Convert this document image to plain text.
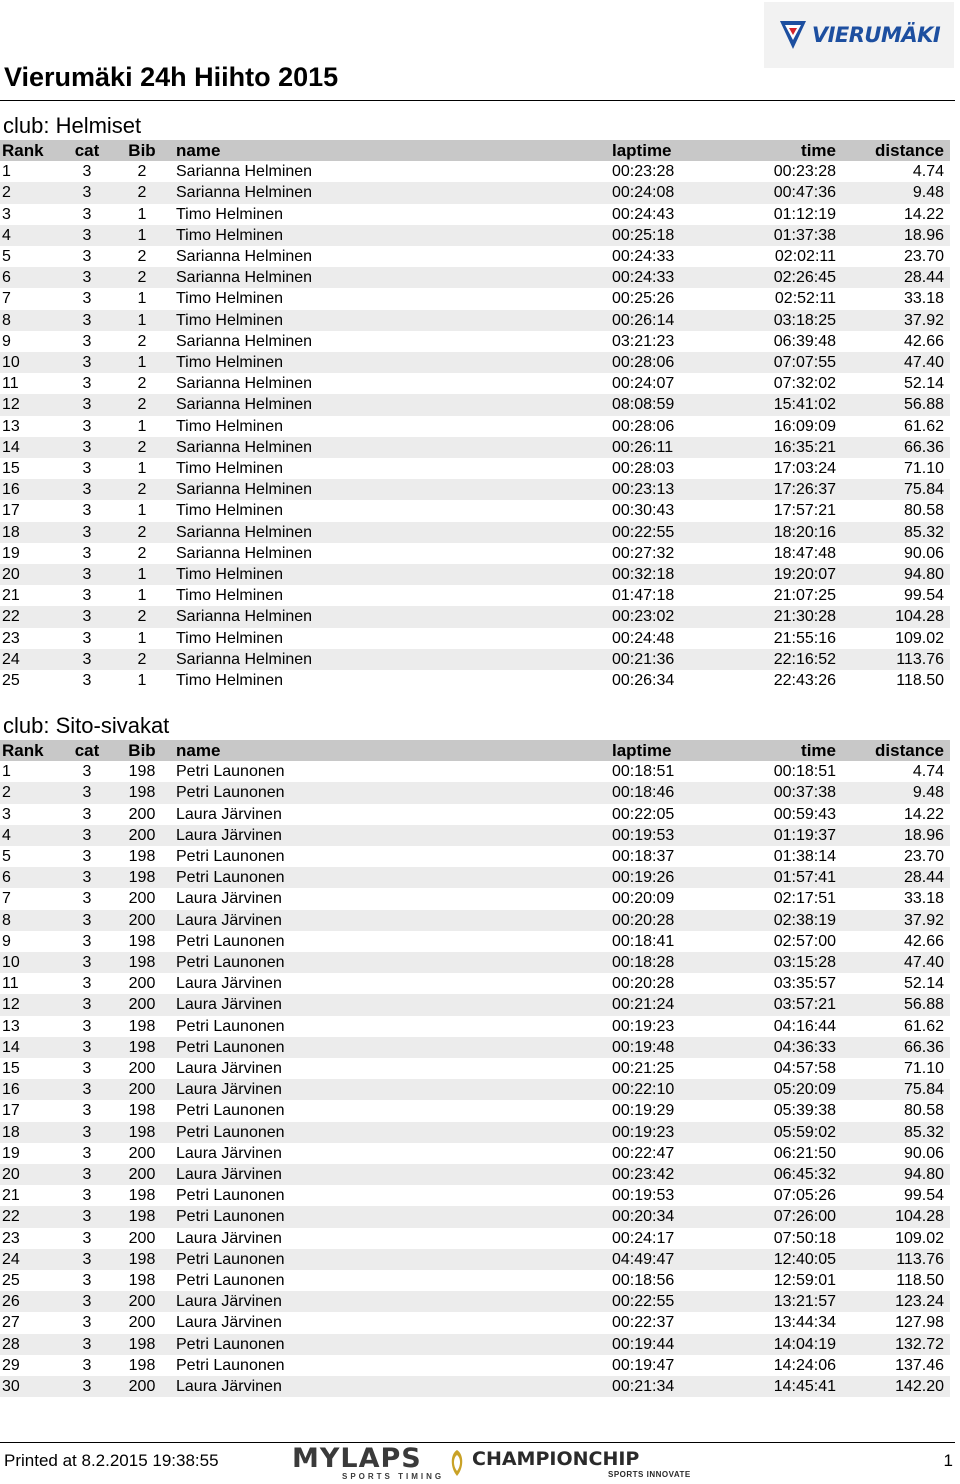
VIERUMÄKI
Vierumäki 24h Hiihto 2015
club: Helmiset
Rank	cat	Bib	name	laptime	time	distance
1	3	2	Sarianna Helminen	00:23:28	00:23:28	4.74
2	3	2	Sarianna Helminen	00:24:08	00:47:36	9.48
3	3	1	Timo Helminen	00:24:43	01:12:19	14.22
4	3	1	Timo Helminen	00:25:18	01:37:38	18.96
5	3	2	Sarianna Helminen	00:24:33	02:02:11	23.70
6	3	2	Sarianna Helminen	00:24:33	02:26:45	28.44
7	3	1	Timo Helminen	00:25:26	02:52:11	33.18
8	3	1	Timo Helminen	00:26:14	03:18:25	37.92
9	3	2	Sarianna Helminen	03:21:23	06:39:48	42.66
10	3	1	Timo Helminen	00:28:06	07:07:55	47.40
11	3	2	Sarianna Helminen	00:24:07	07:32:02	52.14
12	3	2	Sarianna Helminen	08:08:59	15:41:02	56.88
13	3	1	Timo Helminen	00:28:06	16:09:09	61.62
14	3	2	Sarianna Helminen	00:26:11	16:35:21	66.36
15	3	1	Timo Helminen	00:28:03	17:03:24	71.10
16	3	2	Sarianna Helminen	00:23:13	17:26:37	75.84
17	3	1	Timo Helminen	00:30:43	17:57:21	80.58
18	3	2	Sarianna Helminen	00:22:55	18:20:16	85.32
19	3	2	Sarianna Helminen	00:27:32	18:47:48	90.06
20	3	1	Timo Helminen	00:32:18	19:20:07	94.80
21	3	1	Timo Helminen	01:47:18	21:07:25	99.54
22	3	2	Sarianna Helminen	00:23:02	21:30:28	104.28
23	3	1	Timo Helminen	00:24:48	21:55:16	109.02
24	3	2	Sarianna Helminen	00:21:36	22:16:52	113.76
25	3	1	Timo Helminen	00:26:34	22:43:26	118.50
club: Sito-sivakat
Rank	cat	Bib	name	laptime	time	distance
1	3	198	Petri Launonen	00:18:51	00:18:51	4.74
2	3	198	Petri Launonen	00:18:46	00:37:38	9.48
3	3	200	Laura Järvinen	00:22:05	00:59:43	14.22
4	3	200	Laura Järvinen	00:19:53	01:19:37	18.96
5	3	198	Petri Launonen	00:18:37	01:38:14	23.70
6	3	198	Petri Launonen	00:19:26	01:57:41	28.44
7	3	200	Laura Järvinen	00:20:09	02:17:51	33.18
8	3	200	Laura Järvinen	00:20:28	02:38:19	37.92
9	3	198	Petri Launonen	00:18:41	02:57:00	42.66
10	3	198	Petri Launonen	00:18:28	03:15:28	47.40
11	3	200	Laura Järvinen	00:20:28	03:35:57	52.14
12	3	200	Laura Järvinen	00:21:24	03:57:21	56.88
13	3	198	Petri Launonen	00:19:23	04:16:44	61.62
14	3	198	Petri Launonen	00:19:48	04:36:33	66.36
15	3	200	Laura Järvinen	00:21:25	04:57:58	71.10
16	3	200	Laura Järvinen	00:22:10	05:20:09	75.84
17	3	198	Petri Launonen	00:19:29	05:39:38	80.58
18	3	198	Petri Launonen	00:19:23	05:59:02	85.32
19	3	200	Laura Järvinen	00:22:47	06:21:50	90.06
20	3	200	Laura Järvinen	00:23:42	06:45:32	94.80
21	3	198	Petri Launonen	00:19:53	07:05:26	99.54
22	3	198	Petri Launonen	00:20:34	07:26:00	104.28
23	3	200	Laura Järvinen	00:24:17	07:50:18	109.02
24	3	198	Petri Launonen	04:49:47	12:40:05	113.76
25	3	198	Petri Launonen	00:18:56	12:59:01	118.50
26	3	200	Laura Järvinen	00:22:55	13:21:57	123.24
27	3	200	Laura Järvinen	00:22:37	13:44:34	127.98
28	3	198	Petri Launonen	00:19:44	14:04:19	132.72
29	3	198	Petri Launonen	00:19:47	14:24:06	137.46
30	3	200	Laura Järvinen	00:21:34	14:45:41	142.20
Printed at 8.2.2015 19:38:55	MYLAPS
SPORTS TIMING
CHAMPIONCHIP
SPORTS INNOVATE
1
